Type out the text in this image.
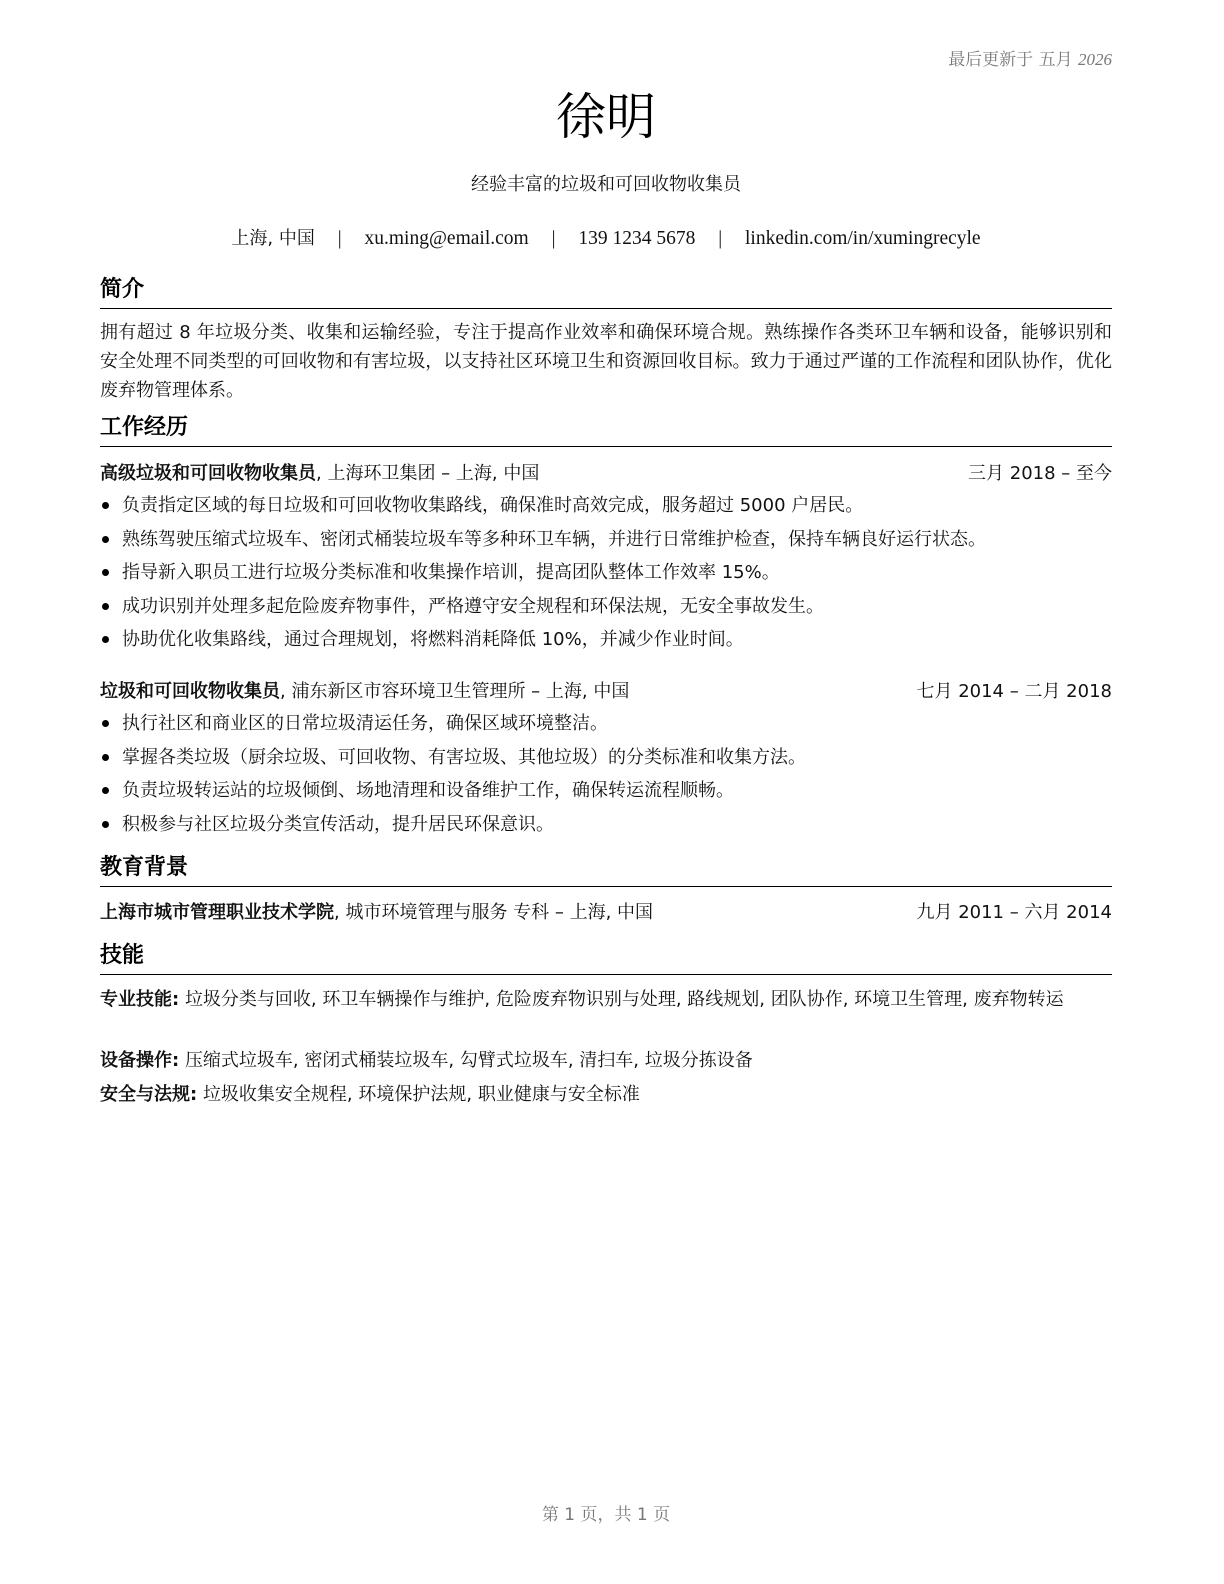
最后更新于 五月 2026
徐明
经验丰富的垃圾和可回收物收集员
上海, 中国 | xu.ming@email.com | 139 1234 5678 | linkedin.com/in/xumingrecyle
简介
拥有超过 8 年垃圾分类、收集和运输经验，专注于提高作业效率和确保环境合规。熟练操作各类环卫车辆和设备，能够识别和安全处理不同类型的可回收物和有害垃圾，以支持社区环境卫生和资源回收目标。致力于通过严谨的工作流程和团队协作，优化废弃物管理体系。
工作经历
高级垃圾和可回收物收集员, 上海环卫集团 – 上海, 中国	三月 2018 – 至今
负责指定区域的每日垃圾和可回收物收集路线，确保准时高效完成，服务超过 5000 户居民。
熟练驾驶压缩式垃圾车、密闭式桶装垃圾车等多种环卫车辆，并进行日常维护检查，保持车辆良好运行状态。
指导新入职员工进行垃圾分类标准和收集操作培训，提高团队整体工作效率 15%。
成功识别并处理多起危险废弃物事件，严格遵守安全规程和环保法规，无安全事故发生。
协助优化收集路线，通过合理规划，将燃料消耗降低 10%，并减少作业时间。
垃圾和可回收物收集员, 浦东新区市容环境卫生管理所 – 上海, 中国	七月 2014 – 二月 2018
执行社区和商业区的日常垃圾清运任务，确保区域环境整洁。
掌握各类垃圾（厨余垃圾、可回收物、有害垃圾、其他垃圾）的分类标准和收集方法。
负责垃圾转运站的垃圾倾倒、场地清理和设备维护工作，确保转运流程顺畅。
积极参与社区垃圾分类宣传活动，提升居民环保意识。
教育背景
上海市城市管理职业技术学院, 城市环境管理与服务 专科 – 上海, 中国	九月 2011 – 六月 2014
技能
专业技能: 垃圾分类与回收, 环卫车辆操作与维护, 危险废弃物识别与处理, 路线规划, 团队协作, 环境卫生管理, 废弃物转运
设备操作: 压缩式垃圾车, 密闭式桶装垃圾车, 勾臂式垃圾车, 清扫车, 垃圾分拣设备
安全与法规: 垃圾收集安全规程, 环境保护法规, 职业健康与安全标准
第 1 页，共 1 页
